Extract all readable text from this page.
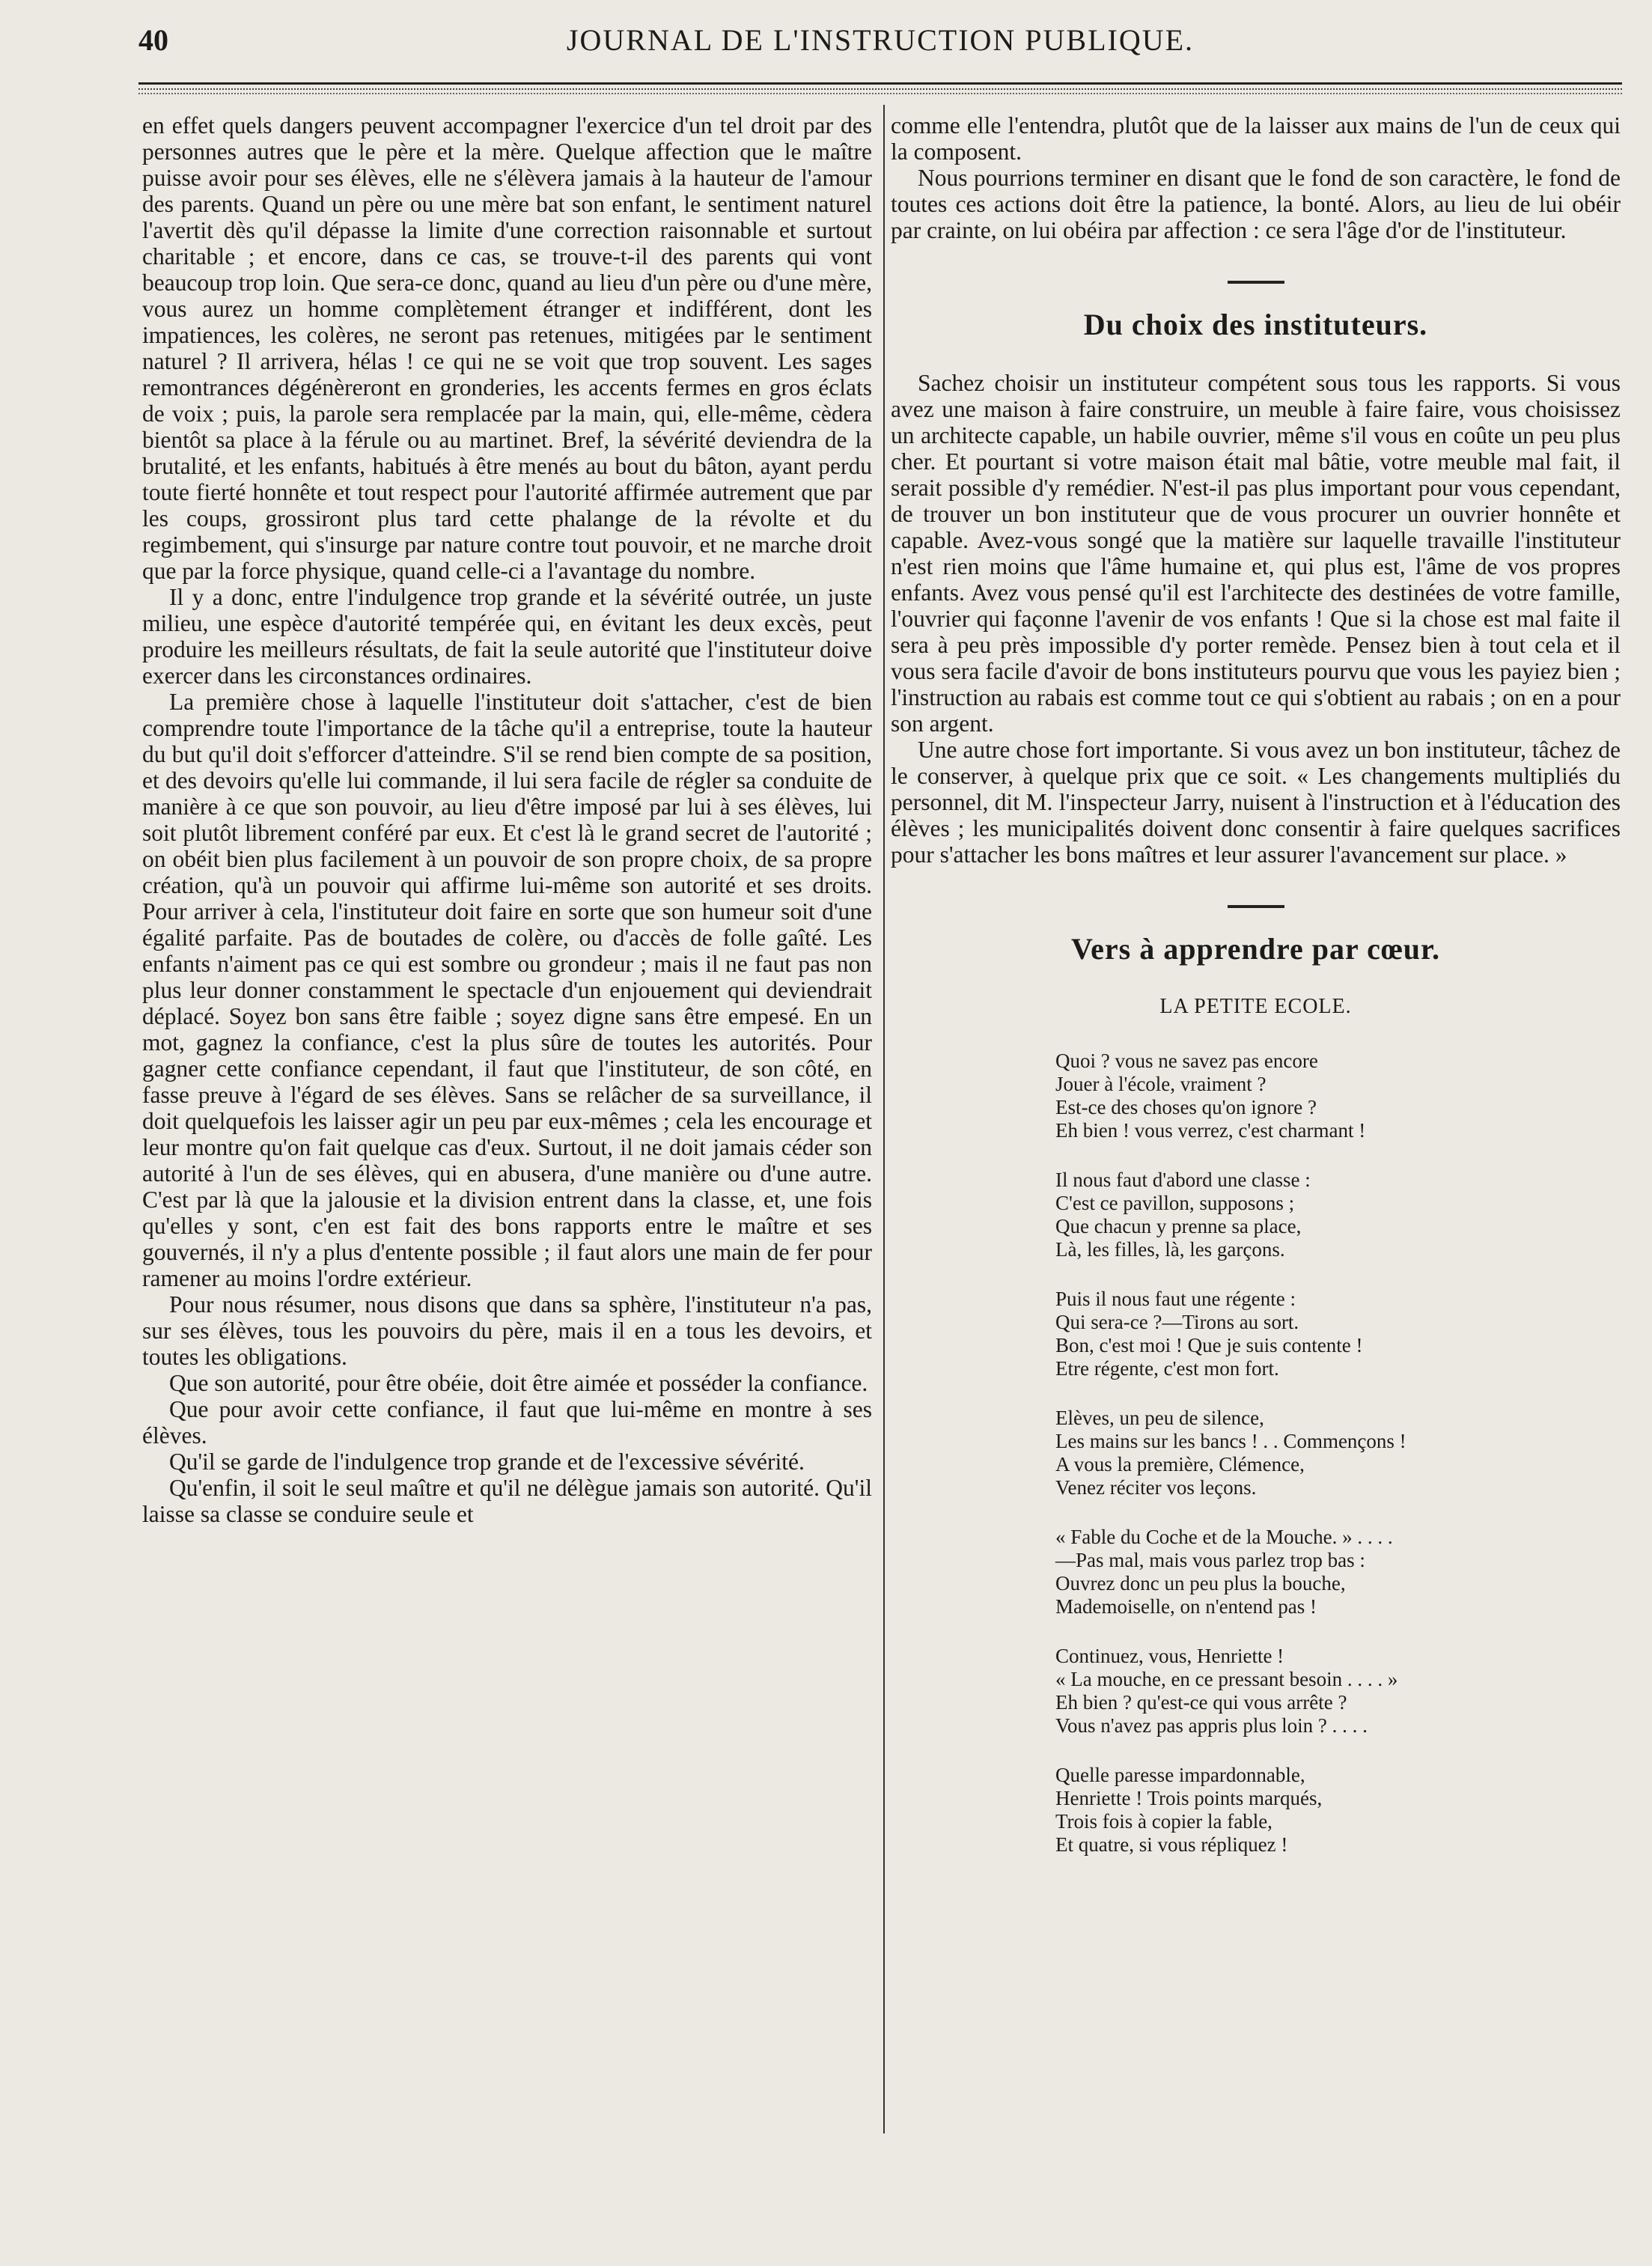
40	JOURNAL DE L'INSTRUCTION PUBLIQUE.

en effet quels dangers peuvent accompagner l'exercice d'un tel droit par des personnes autres que le père et la mère. Quelque affection que le maître puisse avoir pour ses élèves, elle ne s'élèvera jamais à la hauteur de l'amour des parents. Quand un père ou une mère bat son enfant, le sentiment naturel l'avertit dès qu'il dépasse la limite d'une correction raisonnable et surtout charitable ; et encore, dans ce cas, se trouve-t-il des parents qui vont beaucoup trop loin. Que sera-ce donc, quand au lieu d'un père ou d'une mère, vous aurez un homme complètement étranger et indifférent, dont les impatiences, les colères, ne seront pas retenues, mitigées par le sentiment naturel ? Il arrivera, hélas ! ce qui ne se voit que trop souvent. Les sages remontrances dégénèreront en gronderies, les accents fermes en gros éclats de voix ; puis, la parole sera remplacée par la main, qui, elle-même, cèdera bientôt sa place à la férule ou au martinet. Bref, la sévérité deviendra de la brutalité, et les enfants, habitués à être menés au bout du bâton, ayant perdu toute fierté honnête et tout respect pour l'autorité affirmée autrement que par les coups, grossiront plus tard cette phalange de la révolte et du regimbement, qui s'insurge par nature contre tout pouvoir, et ne marche droit que par la force physique, quand celle-ci a l'avantage du nombre.

Il y a donc, entre l'indulgence trop grande et la sévérité outrée, un juste milieu, une espèce d'autorité tempérée qui, en évitant les deux excès, peut produire les meilleurs résultats, de fait la seule autorité que l'instituteur doive exercer dans les circonstances ordinaires.

La première chose à laquelle l'instituteur doit s'attacher, c'est de bien comprendre toute l'importance de la tâche qu'il a entreprise, toute la hauteur du but qu'il doit s'efforcer d'atteindre. S'il se rend bien compte de sa position, et des devoirs qu'elle lui commande, il lui sera facile de régler sa conduite de manière à ce que son pouvoir, au lieu d'être imposé par lui à ses élèves, lui soit plutôt librement conféré par eux. Et c'est là le grand secret de l'autorité ; on obéit bien plus facilement à un pouvoir de son propre choix, de sa propre création, qu'à un pouvoir qui affirme lui-même son autorité et ses droits. Pour arriver à cela, l'instituteur doit faire en sorte que son humeur soit d'une égalité parfaite. Pas de boutades de colère, ou d'accès de folle gaîté. Les enfants n'aiment pas ce qui est sombre ou grondeur ; mais il ne faut pas non plus leur donner constamment le spectacle d'un enjouement qui deviendrait déplacé. Soyez bon sans être faible ; soyez digne sans être empesé. En un mot, gagnez la confiance, c'est la plus sûre de toutes les autorités. Pour gagner cette confiance cependant, il faut que l'instituteur, de son côté, en fasse preuve à l'égard de ses élèves. Sans se relâcher de sa surveillance, il doit quelquefois les laisser agir un peu par eux-mêmes ; cela les encourage et leur montre qu'on fait quelque cas d'eux. Surtout, il ne doit jamais céder son autorité à l'un de ses élèves, qui en abusera, d'une manière ou d'une autre. C'est par là que la jalousie et la division entrent dans la classe, et, une fois qu'elles y sont, c'en est fait des bons rapports entre le maître et ses gouvernés, il n'y a plus d'entente possible ; il faut alors une main de fer pour ramener au moins l'ordre extérieur.

Pour nous résumer, nous disons que dans sa sphère, l'instituteur n'a pas, sur ses élèves, tous les pouvoirs du père, mais il en a tous les devoirs, et toutes les obligations.

Que son autorité, pour être obéie, doit être aimée et posséder la confiance.

Que pour avoir cette confiance, il faut que lui-même en montre à ses élèves.

Qu'il se garde de l'indulgence trop grande et de l'excessive sévérité.

Qu'enfin, il soit le seul maître et qu'il ne délègue jamais son autorité. Qu'il laisse sa classe se conduire seule et

comme elle l'entendra, plutôt que de la laisser aux mains de l'un de ceux qui la composent.

Nous pourrions terminer en disant que le fond de son caractère, le fond de toutes ces actions doit être la patience, la bonté. Alors, au lieu de lui obéir par crainte, on lui obéira par affection : ce sera l'âge d'or de l'instituteur.

Du choix des instituteurs.

Sachez choisir un instituteur compétent sous tous les rapports. Si vous avez une maison à faire construire, un meuble à faire faire, vous choisissez un architecte capable, un habile ouvrier, même s'il vous en coûte un peu plus cher. Et pourtant si votre maison était mal bâtie, votre meuble mal fait, il serait possible d'y remédier. N'est-il pas plus important pour vous cependant, de trouver un bon instituteur que de vous procurer un ouvrier honnête et capable. Avez-vous songé que la matière sur laquelle travaille l'instituteur n'est rien moins que l'âme humaine et, qui plus est, l'âme de vos propres enfants. Avez vous pensé qu'il est l'architecte des destinées de votre famille, l'ouvrier qui façonne l'avenir de vos enfants ! Que si la chose est mal faite il sera à peu près impossible d'y porter remède. Pensez bien à tout cela et il vous sera facile d'avoir de bons instituteurs pourvu que vous les payiez bien ; l'instruction au rabais est comme tout ce qui s'obtient au rabais ; on en a pour son argent.

Une autre chose fort importante. Si vous avez un bon instituteur, tâchez de le conserver, à quelque prix que ce soit. « Les changements multipliés du personnel, dit M. l'inspecteur Jarry, nuisent à l'instruction et à l'éducation des élèves ; les municipalités doivent donc consentir à faire quelques sacrifices pour s'attacher les bons maîtres et leur assurer l'avancement sur place. »

Vers à apprendre par cœur.
LA PETITE ECOLE.
Quoi ? vous ne savez pas encore
Jouer à l'école, vraiment ?
Est-ce des choses qu'on ignore ?
Eh bien ! vous verrez, c'est charmant !
Il nous faut d'abord une classe :
C'est ce pavillon, supposons ;
Que chacun y prenne sa place,
Là, les filles, là, les garçons.
Puis il nous faut une régente :
Qui sera-ce ?—Tirons au sort.
Bon, c'est moi ! Que je suis contente !
Etre régente, c'est mon fort.
Elèves, un peu de silence,
Les mains sur les bancs ! . . Commençons !
A vous la première, Clémence,
Venez réciter vos leçons.
« Fable du Coche et de la Mouche. » . . . .
—Pas mal, mais vous parlez trop bas :
Ouvrez donc un peu plus la bouche,
Mademoiselle, on n'entend pas !
Continuez, vous, Henriette !
« La mouche, en ce pressant besoin . . . . »
Eh bien ? qu'est-ce qui vous arrête ?
Vous n'avez pas appris plus loin ? . . . .
Quelle paresse impardonnable,
Henriette ! Trois points marqués,
Trois fois à copier la fable,
Et quatre, si vous répliquez !
